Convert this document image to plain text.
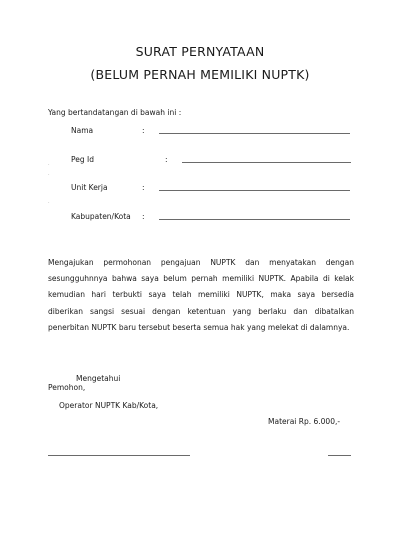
SURAT PERNYATAAN
(BELUM PERNAH MEMILIKI NUPTK)
Yang bertandatangan di bawah ini :
Nama	:
·
Peg Id	:
·
Unit Kerja	:
·
Kabupaten/Kota :
Mengajukan permohonan pengajuan NUPTK dan menyatakan dengan sesungguhnnya bahwa saya belum pernah memiliki NUPTK. Apabila di kelak kemudian hari terbukti saya telah memiliki NUPTK, maka saya bersedia diberikan sangsi sesuai dengan ketentuan yang berlaku dan dibatalkan penerbitan NUPTK baru tersebut beserta semua hak yang melekat di dalamnya.
Mengetahui
Pemohon,
Operator NUPTK Kab/Kota,
Materai Rp. 6.000,-
